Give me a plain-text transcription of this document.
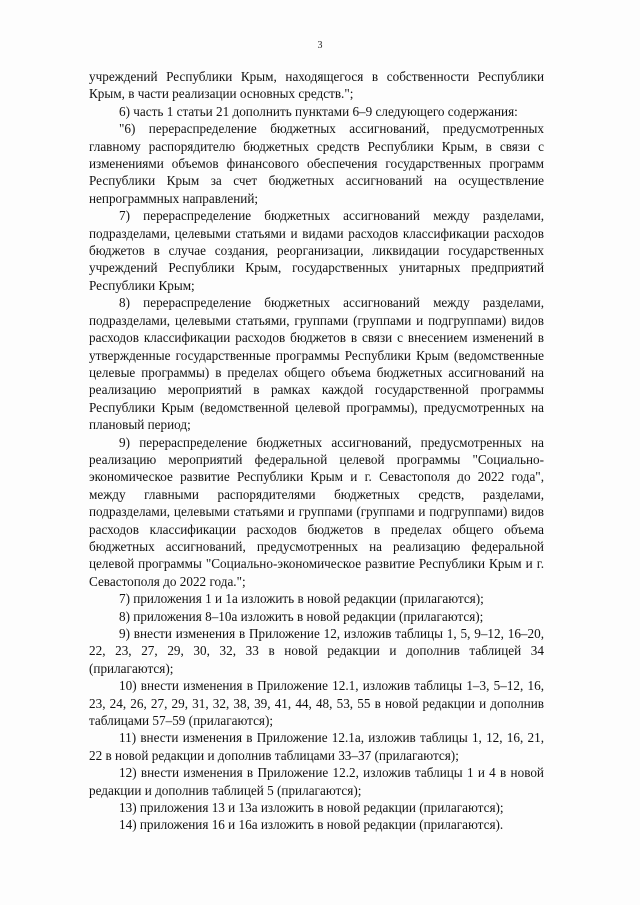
3

учреждений Республики Крым, находящегося в собственности Республики Крым, в части реализации основных средств.";

6) часть 1 статьи 21 дополнить пунктами 6–9 следующего содержания:

"6) перераспределение бюджетных ассигнований, предусмотренных главному распорядителю бюджетных средств Республики Крым, в связи с изменениями объемов финансового обеспечения государственных программ Республики Крым за счет бюджетных ассигнований на осуществление непрограммных направлений;

7) перераспределение бюджетных ассигнований между разделами, подразделами, целевыми статьями и видами расходов классификации расходов бюджетов в случае создания, реорганизации, ликвидации государственных учреждений Республики Крым, государственных унитарных предприятий Республики Крым;

8) перераспределение бюджетных ассигнований между разделами, подразделами, целевыми статьями, группами (группами и подгруппами) видов расходов классификации расходов бюджетов в связи с внесением изменений в утвержденные государственные программы Республики Крым (ведомственные целевые программы) в пределах общего объема бюджетных ассигнований на реализацию мероприятий в рамках каждой государственной программы Республики Крым (ведомственной целевой программы), предусмотренных на плановый период;

9) перераспределение бюджетных ассигнований, предусмотренных на реализацию мероприятий федеральной целевой программы "Социально-экономическое развитие Республики Крым и г. Севастополя до 2022 года", между главными распорядителями бюджетных средств, разделами, подразделами, целевыми статьями и группами (группами и подгруппами) видов расходов классификации расходов бюджетов в пределах общего объема бюджетных ассигнований, предусмотренных на реализацию федеральной целевой программы "Социально-экономическое развитие Республики Крым и г. Севастополя до 2022 года.";

7) приложения 1 и 1а изложить в новой редакции (прилагаются);

8) приложения 8–10а изложить в новой редакции (прилагаются);

9) внести изменения в Приложение 12, изложив таблицы 1, 5, 9–12, 16–20, 22, 23, 27, 29, 30, 32, 33 в новой редакции и дополнив таблицей 34 (прилагаются);

10) внести изменения в Приложение 12.1, изложив таблицы 1–3, 5–12, 16, 23, 24, 26, 27, 29, 31, 32, 38, 39, 41, 44, 48, 53, 55 в новой редакции и дополнив таблицами 57–59 (прилагаются);

11) внести изменения в Приложение 12.1а, изложив таблицы 1, 12, 16, 21, 22 в новой редакции и дополнив таблицами 33–37 (прилагаются);

12) внести изменения в Приложение 12.2, изложив таблицы 1 и 4 в новой редакции и дополнив таблицей 5 (прилагаются);

13) приложения 13 и 13а изложить в новой редакции (прилагаются);

14) приложения 16 и 16а изложить в новой редакции (прилагаются).
